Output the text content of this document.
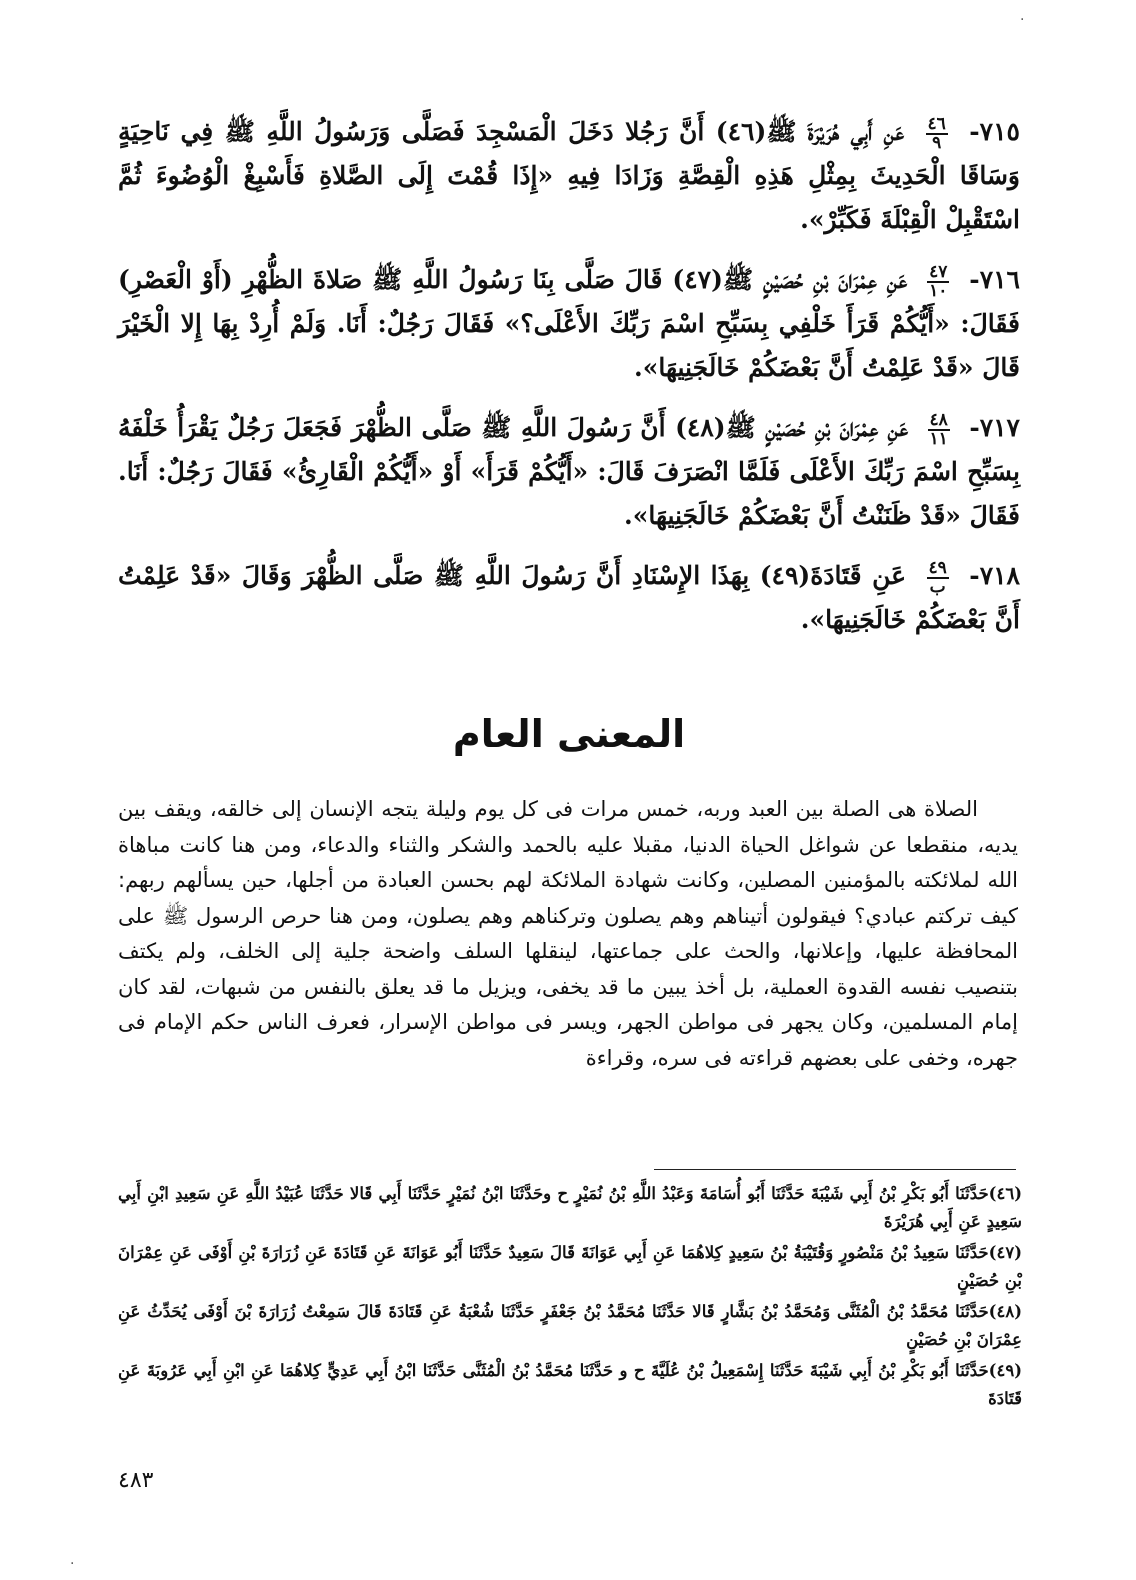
·

٧١٥-
$\frac{٤٦}{٩}$
عَنِ أَبِي هُرَيْرَةَ ﷺ(٤٦) أَنَّ رَجُلا دَخَلَ الْمَسْجِدَ فَصَلَّى وَرَسُولُ اللَّهِ ﷺ فِي نَاحِيَةٍ وَسَاقَا الْحَدِيثَ بِمِثْلِ هَذِهِ الْقِصَّةِ وَزَادَا فِيهِ «إِذَا قُمْتَ إِلَى الصَّلاةِ فَأَسْبِغْ الْوُضُوءَ ثُمَّ اسْتَقْبِلْ الْقِبْلَةَ فَكَبِّرْ».

٧١٦-
$\frac{٤٧}{١٠}$
عَنِ عِمْرَانَ بْنِ حُصَيْنٍ ﷺ(٤٧) قَالَ صَلَّى بِنَا رَسُولُ اللَّهِ ﷺ صَلاةَ الظُّهْرِ (أَوْ الْعَصْرِ) فَقَالَ: «أَيُّكُمْ قَرَأَ خَلْفِي بِسَبِّحِ اسْمَ رَبِّكَ الأَعْلَى؟» فَقَالَ رَجُلٌ: أَنَا. وَلَمْ أُرِدْ بِهَا إِلا الْخَيْرَ قَالَ «قَدْ عَلِمْتُ أَنَّ بَعْضَكُمْ خَالَجَنِيهَا».

٧١٧-
$\frac{٤٨}{١١}$
عَنِ عِمْرَانَ بْنِ حُصَيْنٍ ﷺ(٤٨) أَنَّ رَسُولَ اللَّهِ ﷺ صَلَّى الظُّهْرَ فَجَعَلَ رَجُلٌ يَقْرَأُ خَلْفَهُ بِسَبِّحِ اسْمَ رَبِّكَ الأَعْلَى فَلَمَّا انْصَرَفَ قَالَ: «أَيُّكُمْ قَرَأَ» أَوْ «أَيُّكُمْ الْقَارِئُ» فَقَالَ رَجُلٌ: أَنَا. فَقَالَ «قَدْ ظَنَنْتُ أَنَّ بَعْضَكُمْ خَالَجَنِيهَا».

٧١٨-
$\frac{٤٩}{\text{ب}}$
عَنِ قَتَادَةَ(٤٩) بِهَذَا الإِسْنَادِ أَنَّ رَسُولَ اللَّهِ ﷺ صَلَّى الظُّهْرَ وَقَالَ «قَدْ عَلِمْتُ أَنَّ بَعْضَكُمْ خَالَجَنِيهَا».

المعنى العام
الصلاة هى الصلة بين العبد وربه، خمس مرات فى كل يوم وليلة يتجه الإنسان إلى خالقه، ويقف بين يديه، منقطعا عن شواغل الحياة الدنيا، مقبلا عليه بالحمد والشكر والثناء والدعاء، ومن هنا كانت مباهاة الله لملائكته بالمؤمنين المصلين، وكانت شهادة الملائكة لهم بحسن العبادة من أجلها، حين يسألهم ربهم: كيف تركتم عبادي؟ فيقولون أتيناهم وهم يصلون وتركناهم وهم يصلون، ومن هنا حرص الرسول ﷺ على المحافظة عليها، وإعلانها، والحث على جماعتها، لينقلها السلف واضحة جلية إلى الخلف، ولم يكتف بتنصيب نفسه القدوة العملية، بل أخذ يبين ما قد يخفى، ويزيل ما قد يعلق بالنفس من شبهات، لقد كان إمام المسلمين، وكان يجهر فى مواطن الجهر، ويسر فى مواطن الإسرار، فعرف الناس حكم الإمام فى جهره، وخفى على بعضهم قراءته فى سره، وقراءة

(٤٦)حَدَّثَنَا أَبُو بَكْرِ بْنُ أَبِي شَيْبَةَ حَدَّثَنَا أَبُو أُسَامَةَ وَعَبْدُ اللَّهِ بْنُ نُمَيْرٍ ح وحَدَّثَنَا ابْنُ نُمَيْرٍ حَدَّثَنَا أَبِي قَالا حَدَّثَنَا عُبَيْدُ اللَّهِ عَنِ سَعِيدِ ابْنِ أَبِي سَعِيدٍ عَنِ أَبِي هُرَيْرَةَ

(٤٧)حَدَّثَنَا سَعِيدُ بْنُ مَنْصُورٍ وَقُتَيْبَةُ بْنُ سَعِيدٍ كِلاهُمَا عَنِ أَبِي عَوَانَةَ قَالَ سَعِيدٌ حَدَّثَنَا أَبُو عَوَانَةَ عَنِ قَتَادَةَ عَنِ زُرَارَةَ بْنِ أَوْفَى عَنِ عِمْرَانَ بْنِ حُصَيْنٍ

(٤٨)حَدَّثَنَا مُحَمَّدُ بْنُ الْمُثَنَّى وَمُحَمَّدُ بْنُ بَشَّارٍ قَالا حَدَّثَنَا مُحَمَّدُ بْنُ جَعْفَرٍ حَدَّثَنَا شُعْبَةُ عَنِ قَتَادَةَ قَالَ سَمِعْتُ زُرَارَةَ بْنَ أَوْفَى يُحَدِّثُ عَنِ عِمْرَانَ بْنِ حُصَيْنٍ

(٤٩)حَدَّثَنَا أَبُو بَكْرِ بْنُ أَبِي شَيْبَةَ حَدَّثَنَا إِسْمَعِيلُ بْنُ عُلَيَّةَ ح و حَدَّثَنَا مُحَمَّدُ بْنُ الْمُثَنَّى حَدَّثَنَا ابْنُ أَبِي عَدِيٍّ كِلاهُمَا عَنِ ابْنِ أَبِي عَرُوبَةَ عَنِ قَتَادَةَ

٤٨٣
·
